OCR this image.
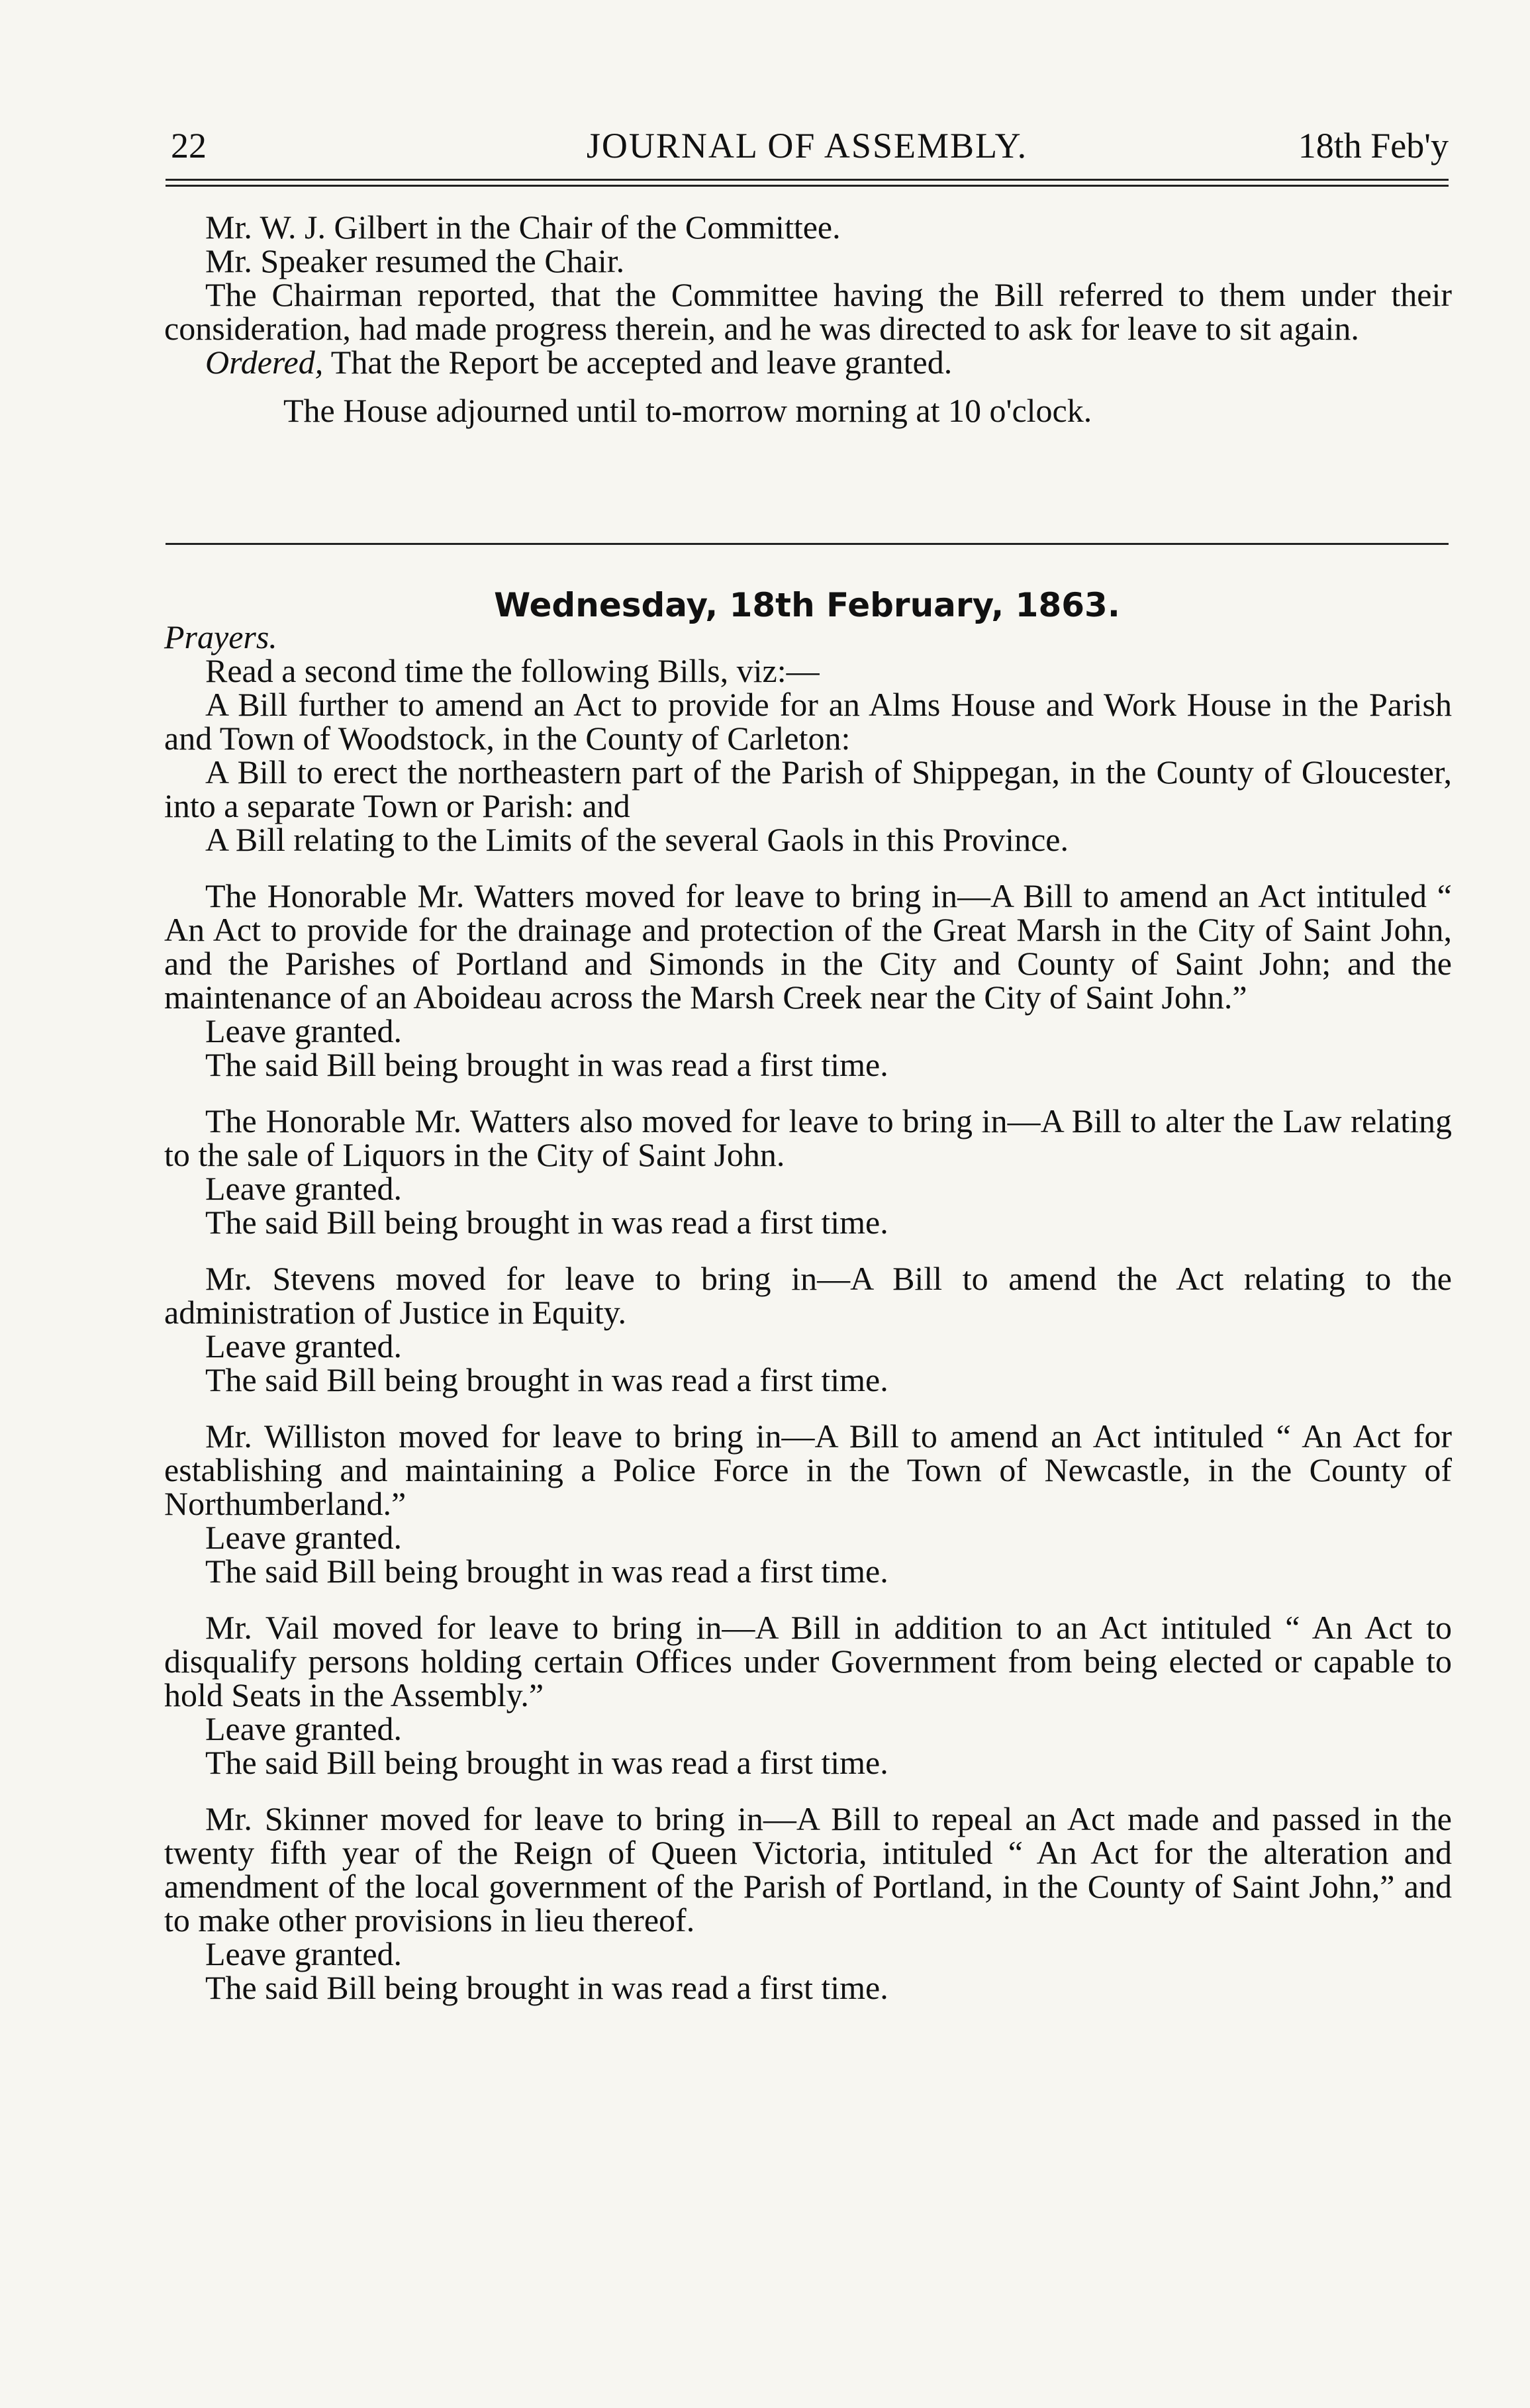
22	JOURNAL OF ASSEMBLY.	18th Feb'y

Mr. W. J. Gilbert in the Chair of the Committee.

Mr. Speaker resumed the Chair.

The Chairman reported, that the Committee having the Bill referred to them under their consideration, had made progress therein, and he was directed to ask for leave to sit again.

Ordered, That the Report be accepted and leave granted.

The House adjourned until to-morrow morning at 10 o'clock.

Wednesday, 18th February, 1863.

Prayers.

Read a second time the following Bills, viz:—

A Bill further to amend an Act to provide for an Alms House and Work House in the Parish and Town of Woodstock, in the County of Carleton:

A Bill to erect the northeastern part of the Parish of Shippegan, in the County of Gloucester, into a separate Town or Parish: and

A Bill relating to the Limits of the several Gaols in this Province.

The Honorable Mr. Watters moved for leave to bring in—A Bill to amend an Act intituled “ An Act to provide for the drainage and protection of the Great Marsh in the City of Saint John, and the Parishes of Portland and Simonds in the City and County of Saint John; and the maintenance of an Aboideau across the Marsh Creek near the City of Saint John.”

Leave granted.

The said Bill being brought in was read a first time.

The Honorable Mr. Watters also moved for leave to bring in—A Bill to alter the Law relating to the sale of Liquors in the City of Saint John.

Leave granted.

The said Bill being brought in was read a first time.

Mr. Stevens moved for leave to bring in—A Bill to amend the Act relating to the administration of Justice in Equity.

Leave granted.

The said Bill being brought in was read a first time.

Mr. Williston moved for leave to bring in—A Bill to amend an Act intituled “ An Act for establishing and maintaining a Police Force in the Town of Newcastle, in the County of Northumberland.”

Leave granted.

The said Bill being brought in was read a first time.

Mr. Vail moved for leave to bring in—A Bill in addition to an Act intituled “ An Act to disqualify persons holding certain Offices under Government from being elected or capable to hold Seats in the Assembly.”

Leave granted.

The said Bill being brought in was read a first time.

Mr. Skinner moved for leave to bring in—A Bill to repeal an Act made and passed in the twenty fifth year of the Reign of Queen Victoria, intituled “ An Act for the alteration and amendment of the local government of the Parish of Portland, in the County of Saint John,” and to make other provisions in lieu thereof.

Leave granted.

The said Bill being brought in was read a first time.
